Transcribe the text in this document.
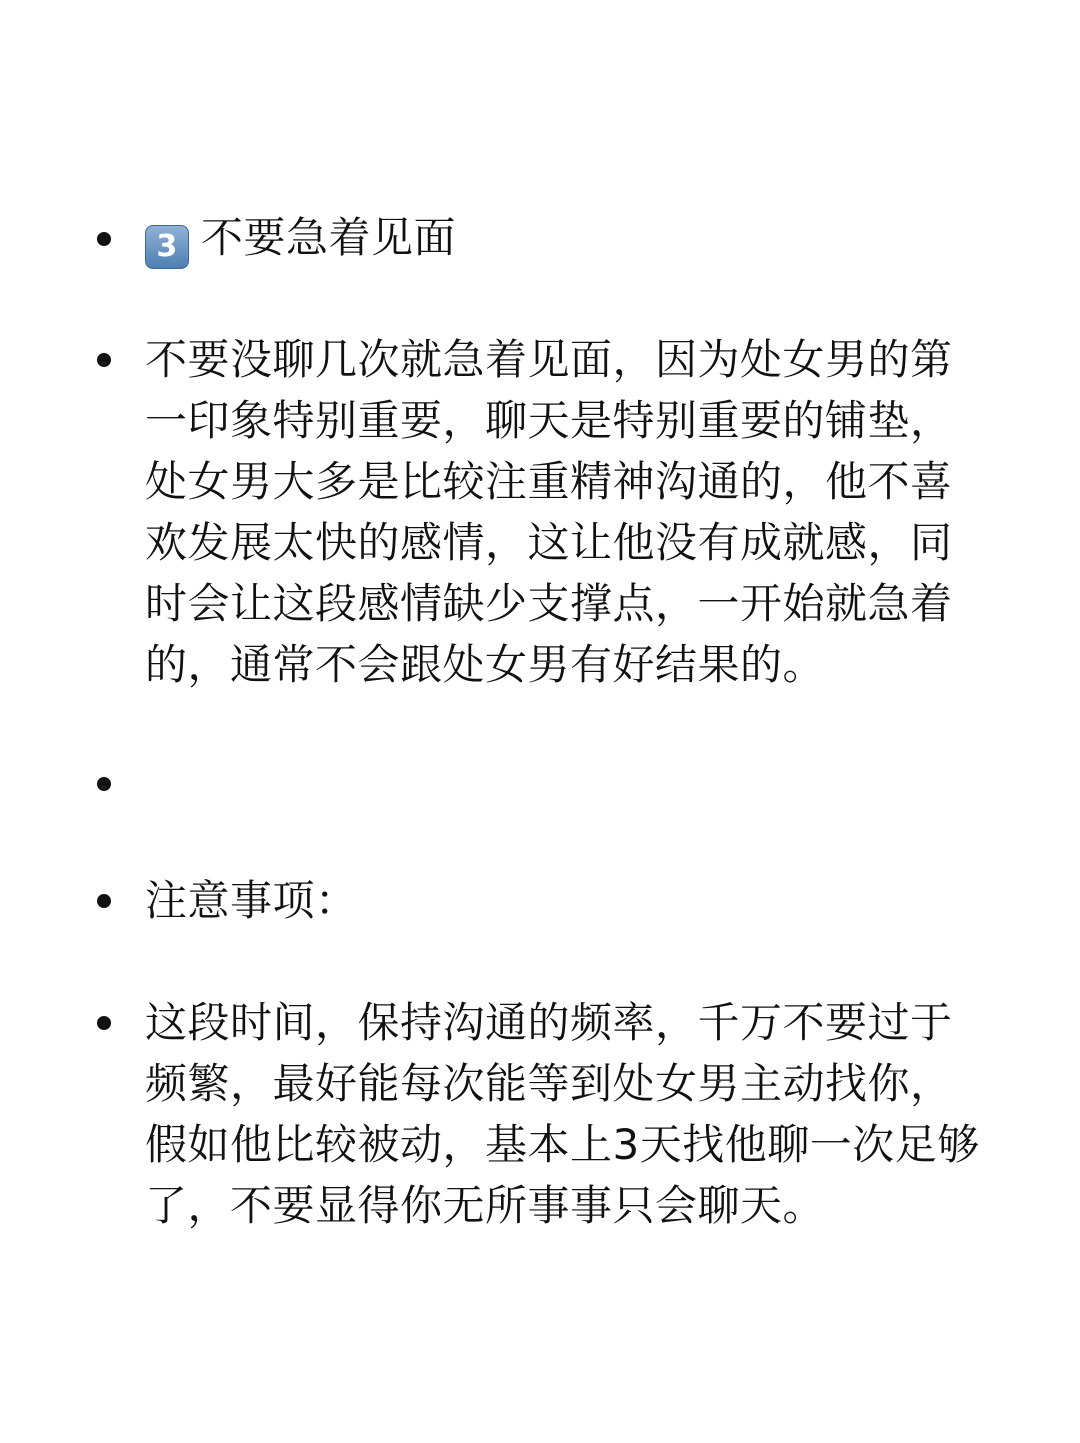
3 不要急着见面
不要没聊几次就急着见面，因为处女男的第一印象特别重要，聊天是特别重要的铺垫，处女男大多是比较注重精神沟通的，他不喜欢发展太快的感情，这让他没有成就感，同时会让这段感情缺少支撑点，一开始就急着的，通常不会跟处女男有好结果的。
注意事项：
这段时间，保持沟通的频率，千万不要过于频繁，最好能每次能等到处女男主动找你，假如他比较被动，基本上3天找他聊一次足够了，不要显得你无所事事只会聊天。
